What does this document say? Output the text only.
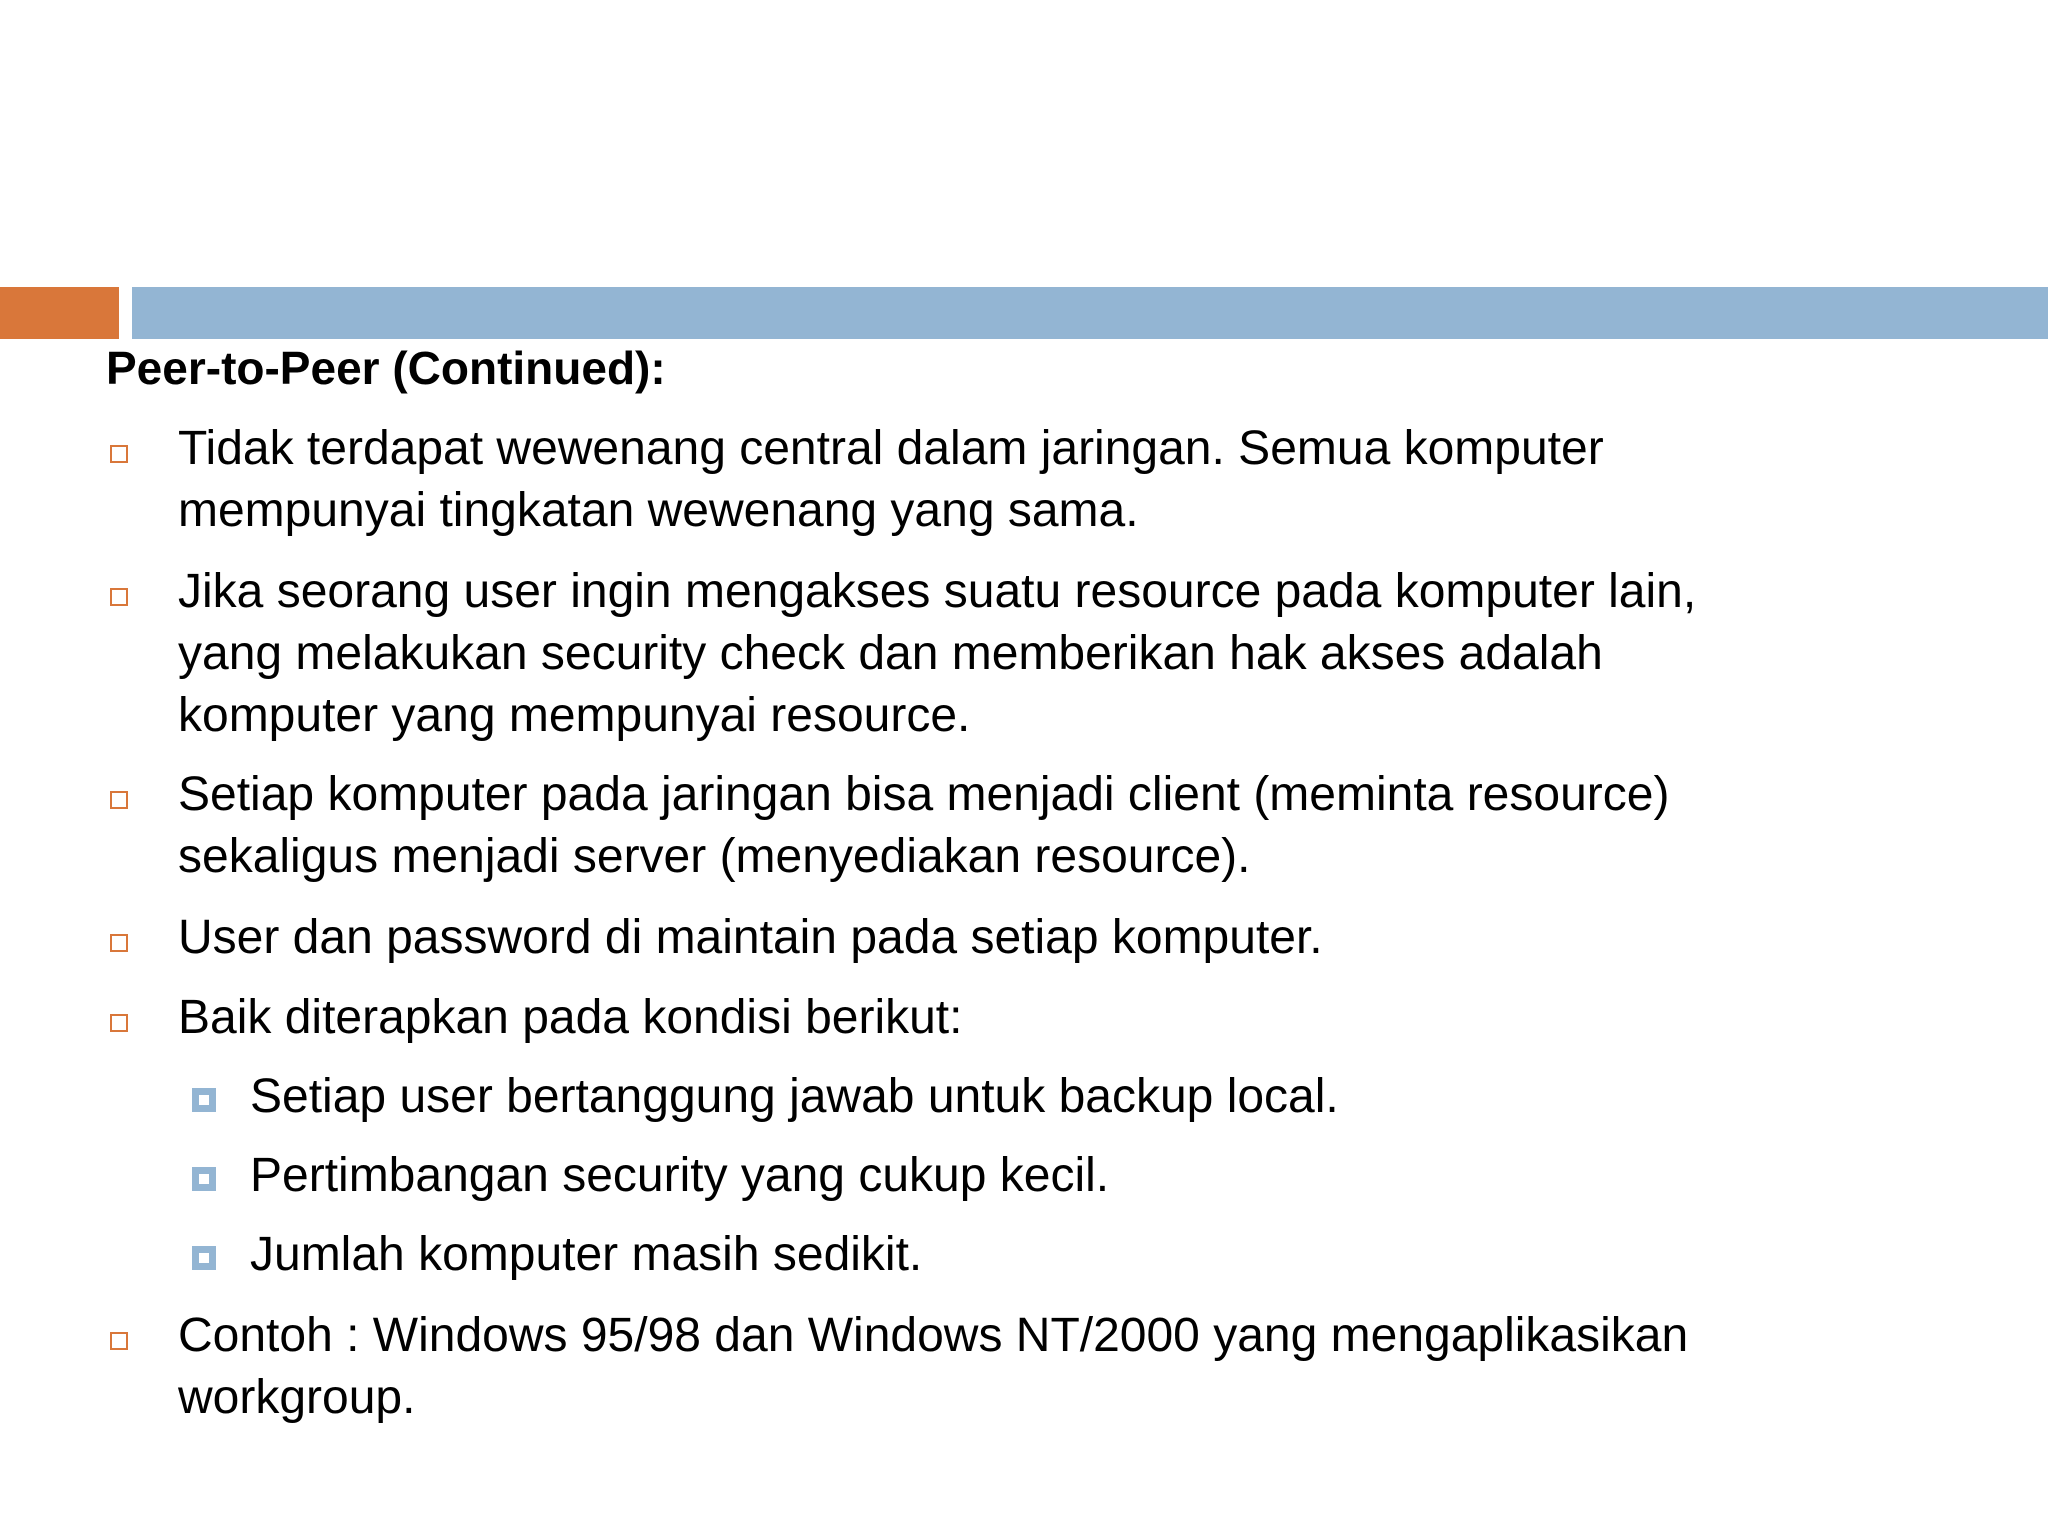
Peer-to-Peer (Continued):
Tidak terdapat wewenang central dalam jaringan. Semua komputer
mempunyai tingkatan wewenang yang sama.
Jika seorang user ingin mengakses suatu resource pada komputer lain,
yang melakukan security check dan memberikan hak akses adalah
komputer yang mempunyai resource.
Setiap komputer pada jaringan bisa menjadi client (meminta resource)
sekaligus menjadi server (menyediakan resource).
User dan password di maintain pada setiap komputer.
Baik diterapkan pada kondisi berikut:
Setiap user bertanggung jawab untuk backup local.
Pertimbangan security yang cukup kecil.
Jumlah komputer masih sedikit.
Contoh : Windows 95/98 dan Windows NT/2000 yang mengaplikasikan
workgroup.
